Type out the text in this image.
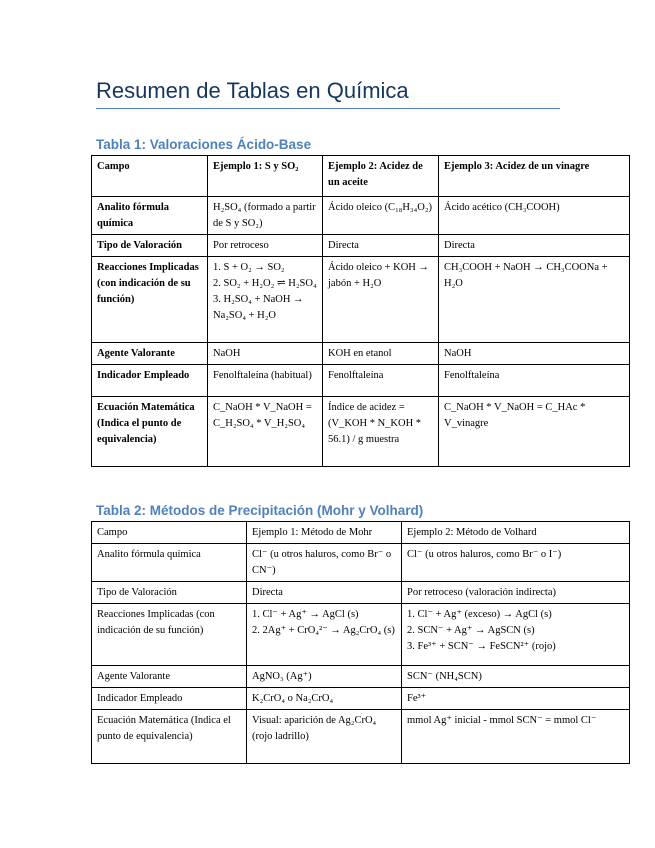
Resumen de Tablas en Química
Tabla 1: Valoraciones Ácido-Base
Campo	Ejemplo 1: S y SO₂	Ejemplo 2: Acidez de un aceite	Ejemplo 3: Acidez de un vinagre
Analito fórmula química	H₂SO₄ (formado a partir de S y SO₂)	Ácido oleico (C₁₈H₃₄O₂)	Ácido acético (CH₃COOH)
Tipo de Valoración	Por retroceso	Directa	Directa
Reacciones Implicadas (con indicación de su función)	1. S + O₂ → SO₂
2. SO₂ + H₂O₂ ⇌ H₂SO₄
3. H₂SO₄ + NaOH → Na₂SO₄ + H₂O	Ácido oleico + KOH → jabón + H₂O	CH₃COOH + NaOH → CH₃COONa + H₂O
Agente Valorante	NaOH	KOH en etanol	NaOH
Indicador Empleado	Fenolftaleína (habitual)	Fenolftaleína	Fenolftaleína
Ecuación Matemática (Indica el punto de equivalencia)	C_NaOH * V_NaOH = C_H₂SO₄ * V_H₂SO₄	Índice de acidez = (V_KOH * N_KOH * 56.1) / g muestra	C_NaOH * V_NaOH = C_HAc * V_vinagre
Tabla 2: Métodos de Precipitación (Mohr y Volhard)
Campo	Ejemplo 1: Método de Mohr	Ejemplo 2: Método de Volhard
Analito fórmula química	Cl⁻ (u otros haluros, como Br⁻ o CN⁻)	Cl⁻ (u otros haluros, como Br⁻ o I⁻)
Tipo de Valoración	Directa	Por retroceso (valoración indirecta)
Reacciones Implicadas (con indicación de su función)	1. Cl⁻ + Ag⁺ → AgCl (s)
2. 2Ag⁺ + CrO₄²⁻ → Ag₂CrO₄ (s)	1. Cl⁻ + Ag⁺ (exceso) → AgCl (s)
2. SCN⁻ + Ag⁺ → AgSCN (s)
3. Fe³⁺ + SCN⁻ → FeSCN²⁺ (rojo)
Agente Valorante	AgNO₃ (Ag⁺)	SCN⁻ (NH₄SCN)
Indicador Empleado	K₂CrO₄ o Na₂CrO₄	Fe³⁺
Ecuación Matemática (Indica el punto de equivalencia)	Visual: aparición de Ag₂CrO₄ (rojo ladrillo)	mmol Ag⁺ inicial - mmol SCN⁻ = mmol Cl⁻
